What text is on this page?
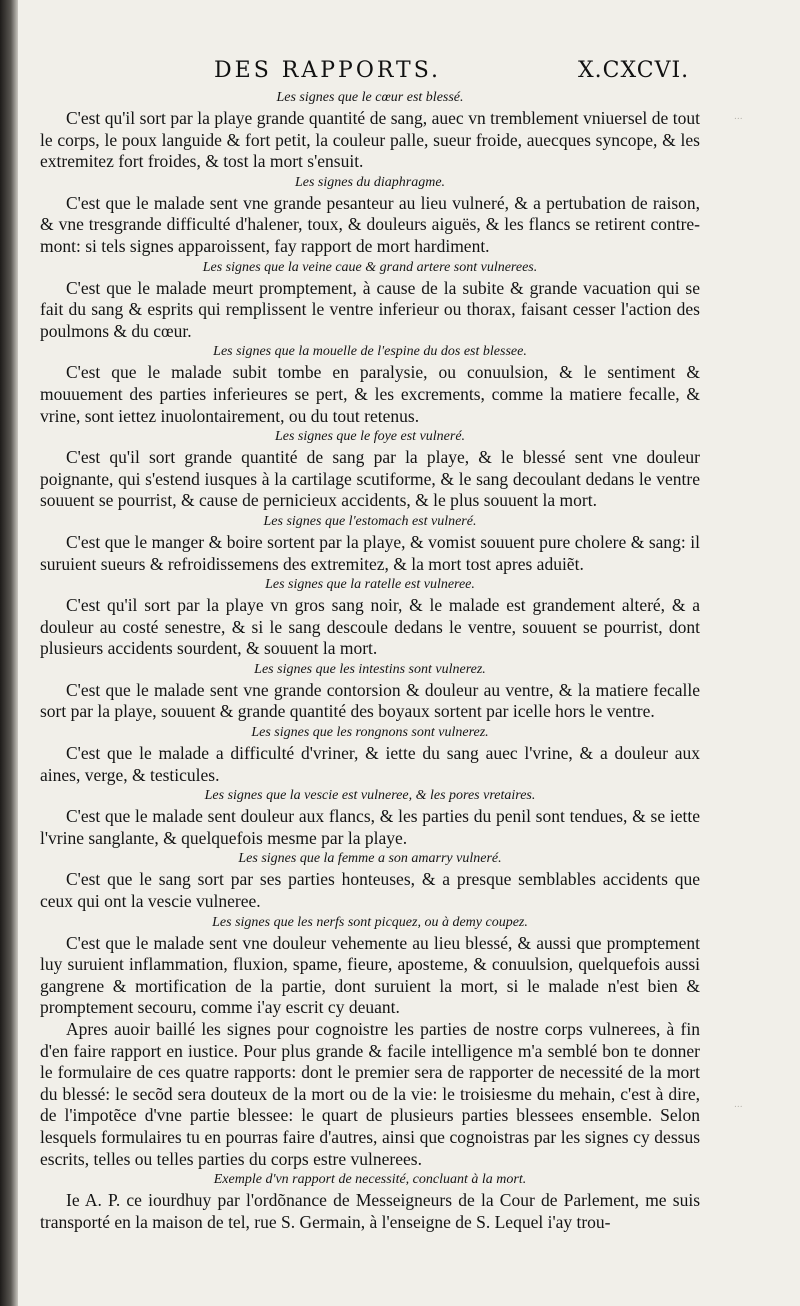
DES RAPPORTS.	X.CXCVI.

Les signes que le cœur est blessé.

C'est qu'il sort par la playe grande quantité de sang, auec vn tremblement vniuersel de tout le corps, le poux languide & fort petit, la couleur palle, sueur froide, auecques syncope, & les extremitez fort froides, & tost la mort s'ensuit.

Les signes du diaphragme.

C'est que le malade sent vne grande pesanteur au lieu vulneré, & a pertubation de raison, & vne tresgrande difficulté d'halener, toux, & douleurs aiguës, & les flancs se retirent contre-mont: si tels signes apparoissent, fay rapport de mort hardiment.

Les signes que la veine caue & grand artere sont vulnerees.

C'est que le malade meurt promptement, à cause de la subite & grande vacuation qui se fait du sang & esprits qui remplissent le ventre inferieur ou thorax, faisant cesser l'action des poulmons & du cœur.

Les signes que la mouelle de l'espine du dos est blessee.

C'est que le malade subit tombe en paralysie, ou conuulsion, & le sentiment & mouuement des parties inferieures se pert, & les excrements, comme la matiere fecalle, & vrine, sont iettez inuolontairement, ou du tout retenus.

Les signes que le foye est vulneré.

C'est qu'il sort grande quantité de sang par la playe, & le blessé sent vne douleur poignante, qui s'estend iusques à la cartilage scutiforme, & le sang decoulant dedans le ventre souuent se pourrist, & cause de pernicieux accidents, & le plus souuent la mort.

Les signes que l'estomach est vulneré.

C'est que le manger & boire sortent par la playe, & vomist souuent pure cholere & sang: il suruient sueurs & refroidissemens des extremitez, & la mort tost apres aduiẽt.

Les signes que la ratelle est vulneree.

C'est qu'il sort par la playe vn gros sang noir, & le malade est grandement alteré, & a douleur au costé senestre, & si le sang descoule dedans le ventre, souuent se pourrist, dont plusieurs accidents sourdent, & souuent la mort.

Les signes que les intestins sont vulnerez.

C'est que le malade sent vne grande contorsion & douleur au ventre, & la matiere fecalle sort par la playe, souuent & grande quantité des boyaux sortent par icelle hors le ventre.

Les signes que les rongnons sont vulnerez.

C'est que le malade a difficulté d'vriner, & iette du sang auec l'vrine, & a douleur aux aines, verge, & testicules.

Les signes que la vescie est vulneree, & les pores vretaires.

C'est que le malade sent douleur aux flancs, & les parties du penil sont tendues, & se iette l'vrine sanglante, & quelquefois mesme par la playe.

Les signes que la femme a son amarry vulneré.

C'est que le sang sort par ses parties honteuses, & a presque semblables accidents que ceux qui ont la vescie vulneree.

Les signes que les nerfs sont picquez, ou à demy coupez.

C'est que le malade sent vne douleur vehemente au lieu blessé, & aussi que promptement luy suruient inflammation, fluxion, spame, fieure, aposteme, & conuulsion, quelquefois aussi gangrene & mortification de la partie, dont suruient la mort, si le malade n'est bien & promptement secouru, comme i'ay escrit cy deuant.

Apres auoir baillé les signes pour cognoistre les parties de nostre corps vulnerees, à fin d'en faire rapport en iustice. Pour plus grande & facile intelligence m'a semblé bon te donner le formulaire de ces quatre rapports: dont le premier sera de rapporter de necessité de la mort du blessé: le secõd sera douteux de la mort ou de la vie: le troisiesme du mehain, c'est à dire, de l'impotẽce d'vne partie blessee: le quart de plusieurs parties blessees ensemble. Selon lesquels formulaires tu en pourras faire d'autres, ainsi que cognoistras par les signes cy dessus escrits, telles ou telles parties du corps estre vulnerees.

Exemple d'vn rapport de necessité, concluant à la mort.

Ie A. P. ce iourdhuy par l'ordõnance de Messeigneurs de la Cour de Parlement, me suis transporté en la maison de tel, rue S. Germain, à l'enseigne de S. Lequel i'ay trou-

...
...
